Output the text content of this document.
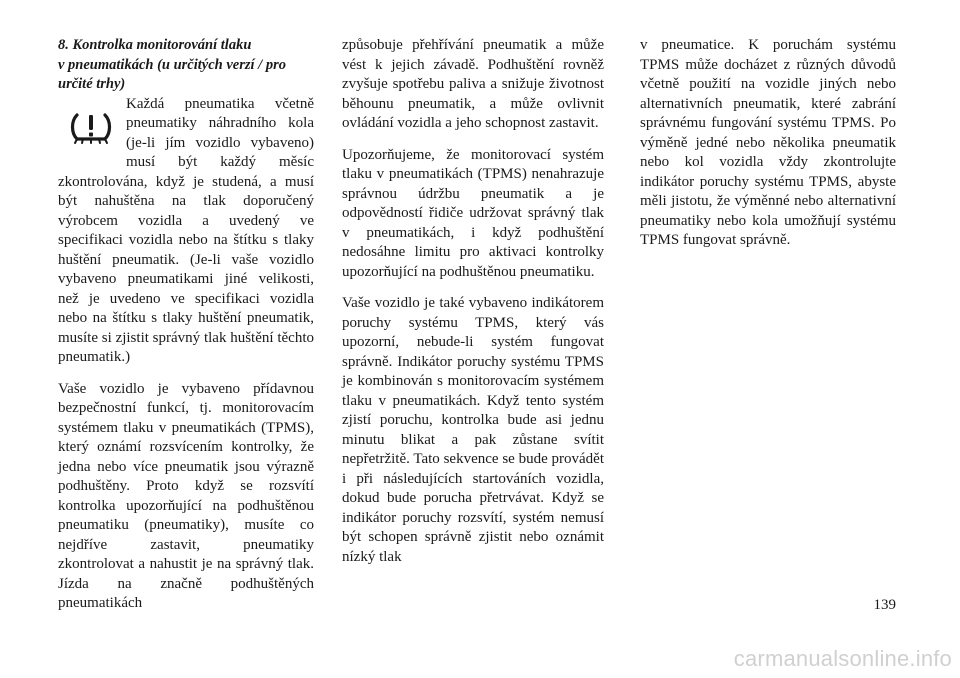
8. Kontrolka monitorování tlaku
v pneumatikách (u určitých verzí / pro
určité trhy)

Každá pneumatika včetně pneumatiky náhradního kola (je-li jím vozidlo vybaveno) musí být každý měsíc zkontrolována, když je studená, a musí být nahuštěna na tlak doporučený výrobcem vozidla a uvedený ve specifikaci vozidla nebo na štítku s tlaky huštění pneumatik. (Je-li vaše vozidlo vybaveno pneumatikami jiné velikosti, než je uvedeno ve specifikaci vozidla nebo na štítku s tlaky huštění pneumatik, musíte si zjistit správný tlak huštění těchto pneumatik.)

Vaše vozidlo je vybaveno přídavnou bezpečnostní funkcí, tj. monitorovacím systémem tlaku v pneumatikách (TPMS), který oznámí rozsvícením kontrolky, že jedna nebo více pneumatik jsou výrazně podhuštěny. Proto když se rozsvítí kontrolka upozorňující na podhuštěnou pneumatiku (pneumatiky), musíte co nejdříve zastavit, pneumatiky zkontrolovat a nahustit je na správný tlak. Jízda na značně podhuštěných pneumatikách

způsobuje přehřívání pneumatik a může vést k jejich závadě. Podhuštění rovněž zvyšuje spotřebu paliva a snižuje životnost běhounu pneumatik, a může ovlivnit ovládání vozidla a jeho schopnost zastavit.

Upozorňujeme, že monitorovací systém tlaku v pneumatikách (TPMS) nenahrazuje správnou údržbu pneumatik a je odpovědností řidiče udržovat správný tlak v pneumatikách, i když podhuštění nedosáhne limitu pro aktivaci kontrolky upozorňující na podhuštěnou pneumatiku.

Vaše vozidlo je také vybaveno indikátorem poruchy systému TPMS, který vás upozorní, nebude-li systém fungovat správně. Indikátor poruchy systému TPMS je kombinován s monitorovacím systémem tlaku v pneumatikách. Když tento systém zjistí poruchu, kontrolka bude asi jednu minutu blikat a pak zůstane svítit nepřetržitě. Tato sekvence se bude provádět i při následujících startováních vozidla, dokud bude porucha přetrvávat. Když se indikátor poruchy rozsvítí, systém nemusí být schopen správně zjistit nebo oznámit nízký tlak

v pneumatice. K poruchám systému TPMS může docházet z různých důvodů včetně použití na vozidle jiných nebo alternativních pneumatik, které zabrání správnému fungování systému TPMS. Po výměně jedné nebo několika pneumatik nebo kol vozidla vždy zkontrolujte indikátor poruchy systému TPMS, abyste měli jistotu, že výměnné nebo alternativní pneumatiky nebo kola umožňují systému TPMS fungovat správně.

139
carmanualsonline.info
